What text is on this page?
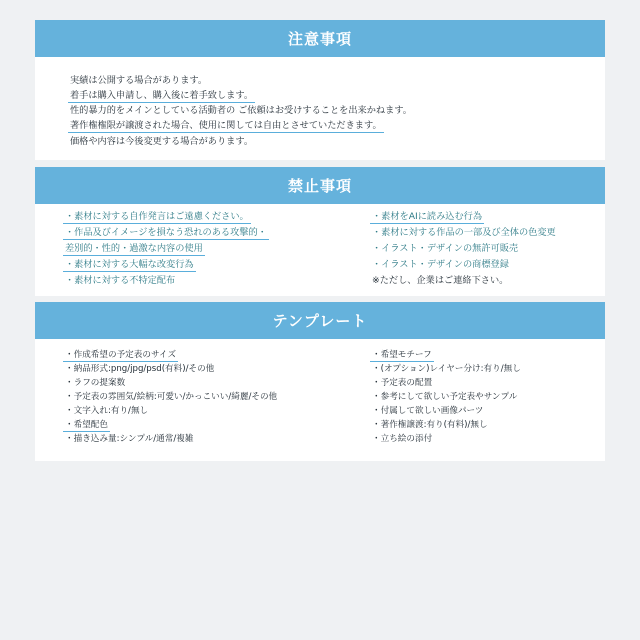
注意事項
実績は公開する場合があります。
着手は購入申請し、購入後に着手致します。
性的暴力的をメインとしている活動者の ご依頼はお受けすることを出来かねます。
著作権権限が譲渡された場合、使用に関しては自由とさせていただきます。
価格や内容は今後変更する場合があります。
禁止事項
・素材に対する自作発言はご遠慮ください。
・作品及びイメージを損なう恐れのある攻撃的・
差別的・性的・過激な内容の使用
・素材に対する大幅な改変行為
・素材に対する不特定配布
・素材をAIに読み込む行為
・素材に対する作品の一部及び全体の色変更
・イラスト・デザインの無許可販売
・イラスト・デザインの商標登録
※ただし、企業はご連絡下さい。
テンプレート
・作成希望の予定表のサイズ
・納品形式:png/jpg/psd(有料)/その他
・ラフの提案数
・予定表の雰囲気/絵柄:可愛い/かっこいい/綺麗/その他
・文字入れ:有り/無し
・希望配色
・描き込み量:シンプル/通常/複雑
・希望モチーフ
・(オプション)レイヤー分け:有り/無し
・予定表の配置
・参考にして欲しい予定表やサンプル
・付属して欲しい画像パーツ
・著作権譲渡:有り(有料)/無し
・立ち絵の添付
